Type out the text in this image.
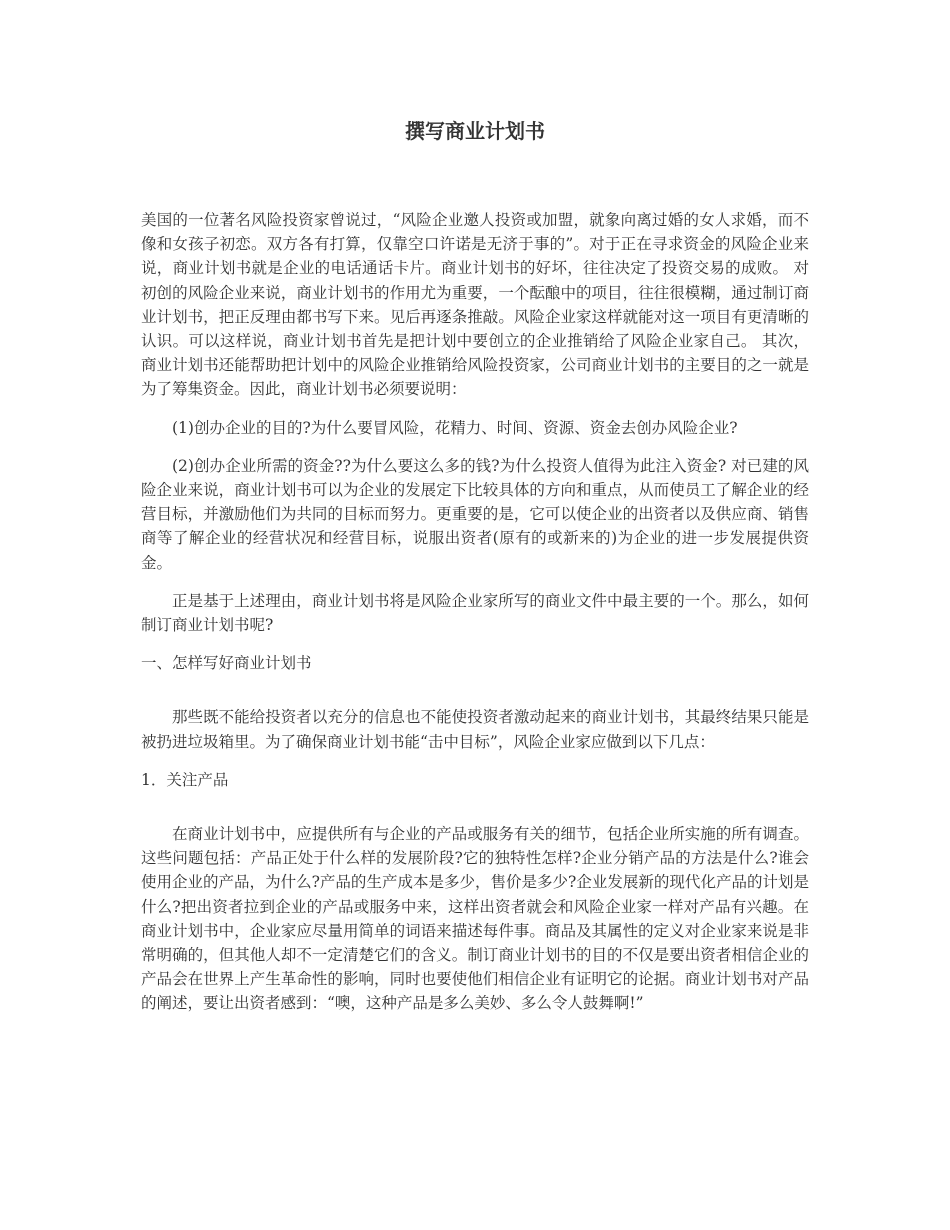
撰写商业计划书

美国的一位著名风险投资家曾说过，“风险企业邀人投资或加盟，就象向离过婚的女人求婚，而不像和女孩子初恋。双方各有打算，仅靠空口许诺是无济于事的”。对于正在寻求资金的风险企业来说，商业计划书就是企业的电话通话卡片。商业计划书的好坏，往往决定了投资交易的成败。 对初创的风险企业来说，商业计划书的作用尤为重要，一个酝酿中的项目，往往很模糊，通过制订商业计划书，把正反理由都书写下来。见后再逐条推敲。风险企业家这样就能对这一项目有更清晰的认识。可以这样说，商业计划书首先是把计划中要创立的企业推销给了风险企业家自己。 其次，商业计划书还能帮助把计划中的风险企业推销给风险投资家，公司商业计划书的主要目的之一就是为了筹集资金。因此，商业计划书必须要说明：

(1)创办企业的目的?为什么要冒风险，花精力、时间、资源、资金去创办风险企业?

(2)创办企业所需的资金??为什么要这么多的钱?为什么投资人值得为此注入资金? 对已建的风险企业来说，商业计划书可以为企业的发展定下比较具体的方向和重点，从而使员工了解企业的经营目标，并激励他们为共同的目标而努力。更重要的是，它可以使企业的出资者以及供应商、销售商等了解企业的经营状况和经营目标，说服出资者(原有的或新来的)为企业的进一步发展提供资金。

正是基于上述理由，商业计划书将是风险企业家所写的商业文件中最主要的一个。那么，如何制订商业计划书呢?

一、怎样写好商业计划书

那些既不能给投资者以充分的信息也不能使投资者激动起来的商业计划书，其最终结果只能是被扔进垃圾箱里。为了确保商业计划书能“击中目标”，风险企业家应做到以下几点：

1．关注产品

在商业计划书中，应提供所有与企业的产品或服务有关的细节，包括企业所实施的所有调查。这些问题包括：产品正处于什么样的发展阶段?它的独特性怎样?企业分销产品的方法是什么?谁会使用企业的产品，为什么?产品的生产成本是多少，售价是多少?企业发展新的现代化产品的计划是什么?把出资者拉到企业的产品或服务中来，这样出资者就会和风险企业家一样对产品有兴趣。在商业计划书中，企业家应尽量用简单的词语来描述每件事。商品及其属性的定义对企业家来说是非常明确的，但其他人却不一定清楚它们的含义。制订商业计划书的目的不仅是要出资者相信企业的产品会在世界上产生革命性的影响，同时也要使他们相信企业有证明它的论据。商业计划书对产品的阐述，要让出资者感到：“噢，这种产品是多么美妙、多么令人鼓舞啊!”
